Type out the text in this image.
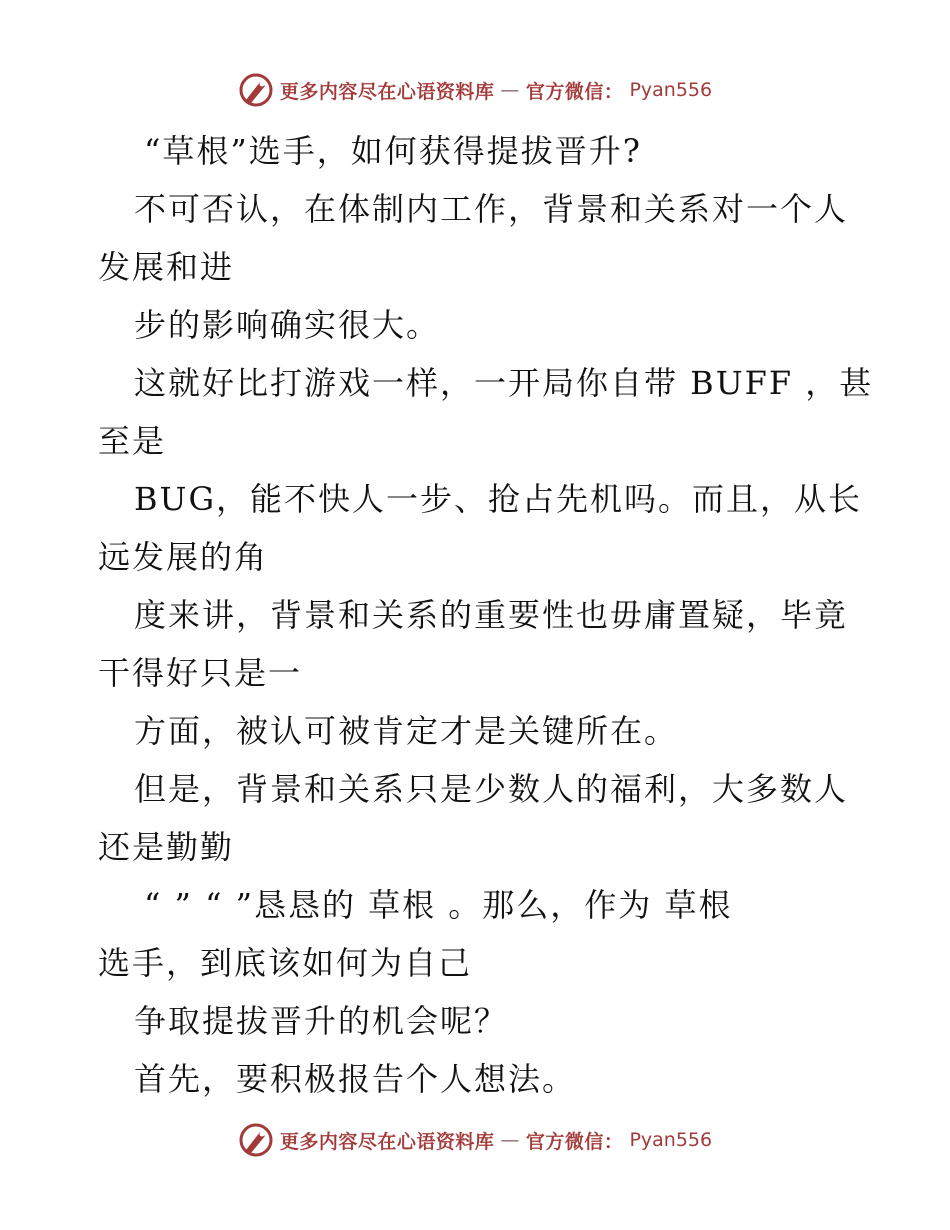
更多内容尽在心语资料库 — 官方微信： Pyan556
“草根”选手，如何获得提拔晋升?
不可否认，在体制内工作，背景和关系对一个人
发展和进
步的影响确实很大。
这就好比打游戏一样，一开局你自带 BUFF ，甚
至是
BUG，能不快人一步、抢占先机吗。而且，从长
远发展的角
度来讲，背景和关系的重要性也毋庸置疑，毕竟
干得好只是一
方面，被认可被肯定才是关键所在。
但是，背景和关系只是少数人的福利，大多数人
还是勤勤
“ ” “ ”恳恳的 草根 。那么，作为 草根
选手，到底该如何为自己
争取提拔晋升的机会呢？
首先，要积极报告个人想法。
更多内容尽在心语资料库 — 官方微信： Pyan556
